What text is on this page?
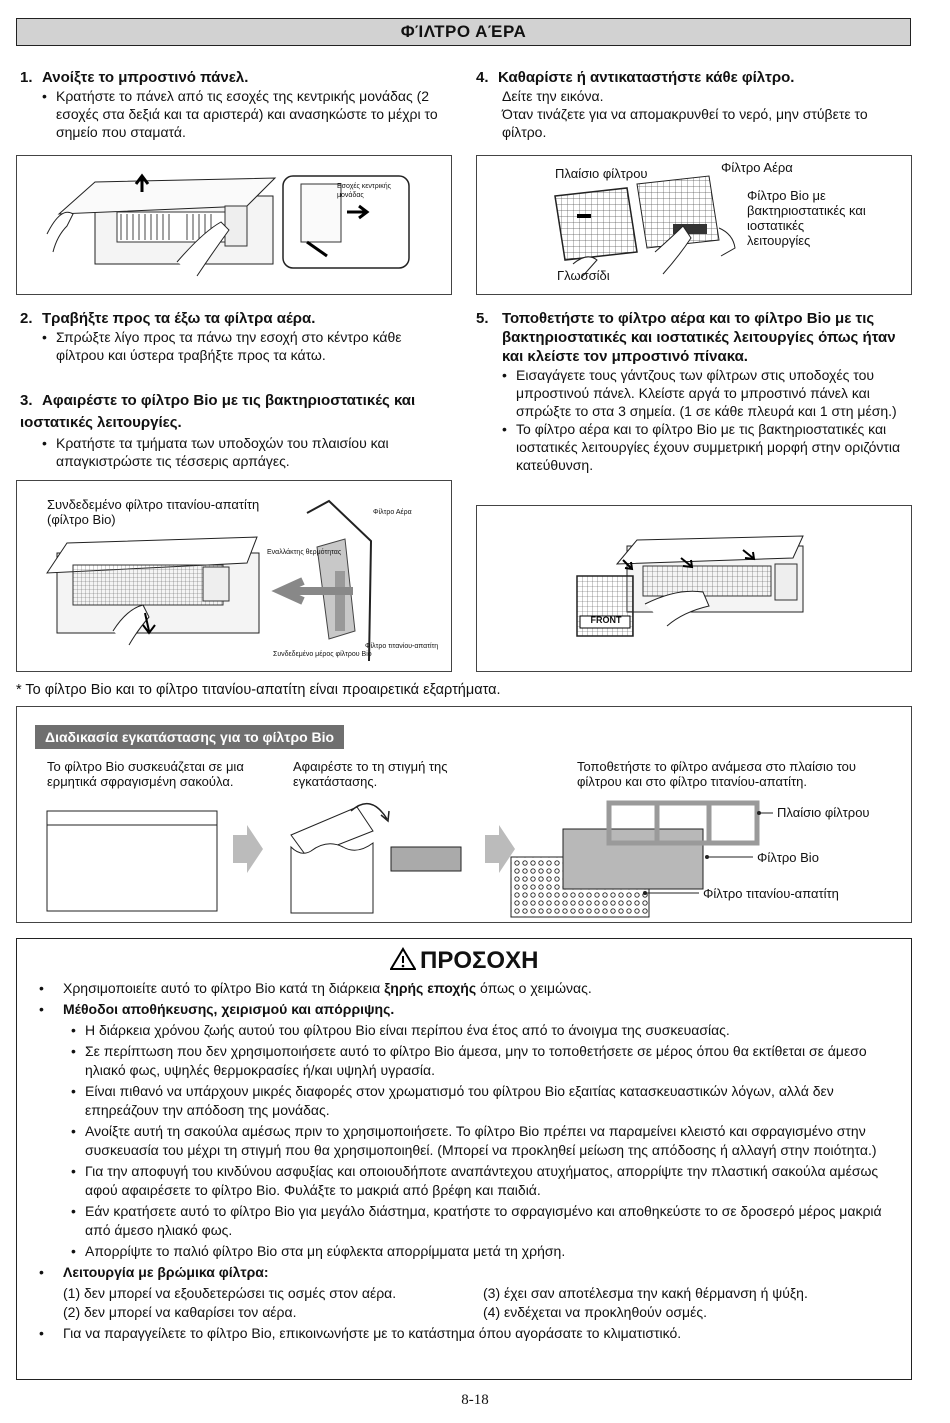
ΦΊΛΤΡΟ ΑΈΡΑ
1. Ανοίξτε το μπροστινό πάνελ.
• Κρατήστε το πάνελ από τις εσοχές της κεντρικής μονάδας (2 εσοχές στα δεξιά και τα αριστερά) και ανασηκώστε το μέχρι το σημείο που σταματά.
Εσοχές κεντρικής μονάδας
4. Καθαρίστε ή αντικαταστήστε κάθε φίλτρο.
Δείτε την εικόνα.
Όταν τινάζετε για να απομακρυνθεί το νερό, μην στύβετε το φίλτρο.
Πλαίσιο φίλτρου	Φίλτρο Αέρα
Φίλτρο Bio με βακτηριοστατικές και ιοστατικές λειτουργίες
Γλωσσίδι
2. Τραβήξτε προς τα έξω τα φίλτρα αέρα.
• Σπρώξτε λίγο προς τα πάνω την εσοχή στο κέντρο κάθε φίλτρου και ύστερα τραβήξτε προς τα κάτω.
3. Αφαιρέστε το φίλτρο Bio με τις βακτηριοστατικές και ιοστατικές λειτουργίες.
• Κρατήστε τα τμήματα των υποδοχών του πλαισίου και απαγκιστρώστε τις τέσσερις αρπάγες.
Συνδεδεμένο φίλτρο τιτανίου-απατίτη (φίλτρο Bio)	Φίλτρο Αέρα
Εναλλάκτης θερμότητας
Φίλτρο τιτανίου-απατίτη
Συνδεδεμένο μέρος φίλτρου Bio
5. Τοποθετήστε το φίλτρο αέρα και το φίλτρο Bio με τις βακτηριοστατικές και ιοστατικές λειτουργίες όπως ήταν και κλείστε τον μπροστινό πίνακα.
• Εισαγάγετε τους γάντζους των φίλτρων στις υποδοχές του μπροστινού πάνελ. Κλείστε αργά το μπροστινό πάνελ και σπρώξτε το στα 3 σημεία. (1 σε κάθε πλευρά και 1 στη μέση.)
• Το φίλτρο αέρα και το φίλτρο Bio με τις βακτηριοστατικές και ιοστατικές λειτουργίες έχουν συμμετρική μορφή στην οριζόντια κατεύθυνση.
FRONT
* Το φίλτρο Bio και το φίλτρο τιτανίου-απατίτη είναι προαιρετικά εξαρτήματα.
Διαδικασία εγκατάστασης για το φίλτρο Bio
Το φίλτρο Bio συσκευάζεται σε μια ερμητικά σφραγισμένη σακούλα.
Αφαιρέστε το τη στιγμή της εγκατάστασης.
Τοποθετήστε το φίλτρο ανάμεσα στο πλαίσιο του φίλτρου και στο φίλτρο τιτανίου-απατίτη.
Πλαίσιο φίλτρου
Φίλτρο Bio
Φίλτρο τιτανίου-απατίτη
ΠΡΟΣΟΧΗ
• Χρησιμοποιείτε αυτό το φίλτρο Bio κατά τη διάρκεια ξηρής εποχής όπως ο χειμώνας.
• Μέθοδοι αποθήκευσης, χειρισμού και απόρριψης.
• Η διάρκεια χρόνου ζωής αυτού του φίλτρου Bio είναι περίπου ένα έτος από το άνοιγμα της συσκευασίας.
• Σε περίπτωση που δεν χρησιμοποιήσετε αυτό το φίλτρο Bio άμεσα, μην το τοποθετήσετε σε μέρος όπου θα εκτίθεται σε άμεσο ηλιακό φως, υψηλές θερμοκρασίες ή/και υψηλή υγρασία.
• Είναι πιθανό να υπάρχουν μικρές διαφορές στον χρωματισμό του φίλτρου Bio εξαιτίας κατασκευαστικών λόγων, αλλά δεν επηρεάζουν την απόδοση της μονάδας.
• Ανοίξτε αυτή τη σακούλα αμέσως πριν το χρησιμοποιήσετε. Το φίλτρο Bio πρέπει να παραμείνει κλειστό και σφραγισμένο στην συσκευασία του μέχρι τη στιγμή που θα χρησιμοποιηθεί. (Μπορεί να προκληθεί μείωση της απόδοσης ή αλλαγή στην ποιότητα.)
• Για την αποφυγή του κινδύνου ασφυξίας και οποιουδήποτε αναπάντεχου ατυχήματος, απορρίψτε την πλαστική σακούλα αμέσως αφού αφαιρέσετε το φίλτρο Bio. Φυλάξτε το μακριά από βρέφη και παιδιά.
• Εάν κρατήσετε αυτό το φίλτρο Bio για μεγάλο διάστημα, κρατήστε το σφραγισμένο και αποθηκεύστε το σε δροσερό μέρος μακριά από άμεσο ηλιακό φως.
• Απορρίψτε το παλιό φίλτρο Bio στα μη εύφλεκτα απορρίμματα μετά τη χρήση.
• Λειτουργία με βρώμικα φίλτρα:
(1) δεν μπορεί να εξουδετερώσει τις οσμές στον αέρα.	(3) έχει σαν αποτέλεσμα την κακή θέρμανση ή ψύξη.
(2) δεν μπορεί να καθαρίσει τον αέρα.	(4) ενδέχεται να προκληθούν οσμές.
• Για να παραγγείλετε το φίλτρο Bio, επικοινωνήστε με το κατάστημα όπου αγοράσατε το κλιματιστικό.
8-18
